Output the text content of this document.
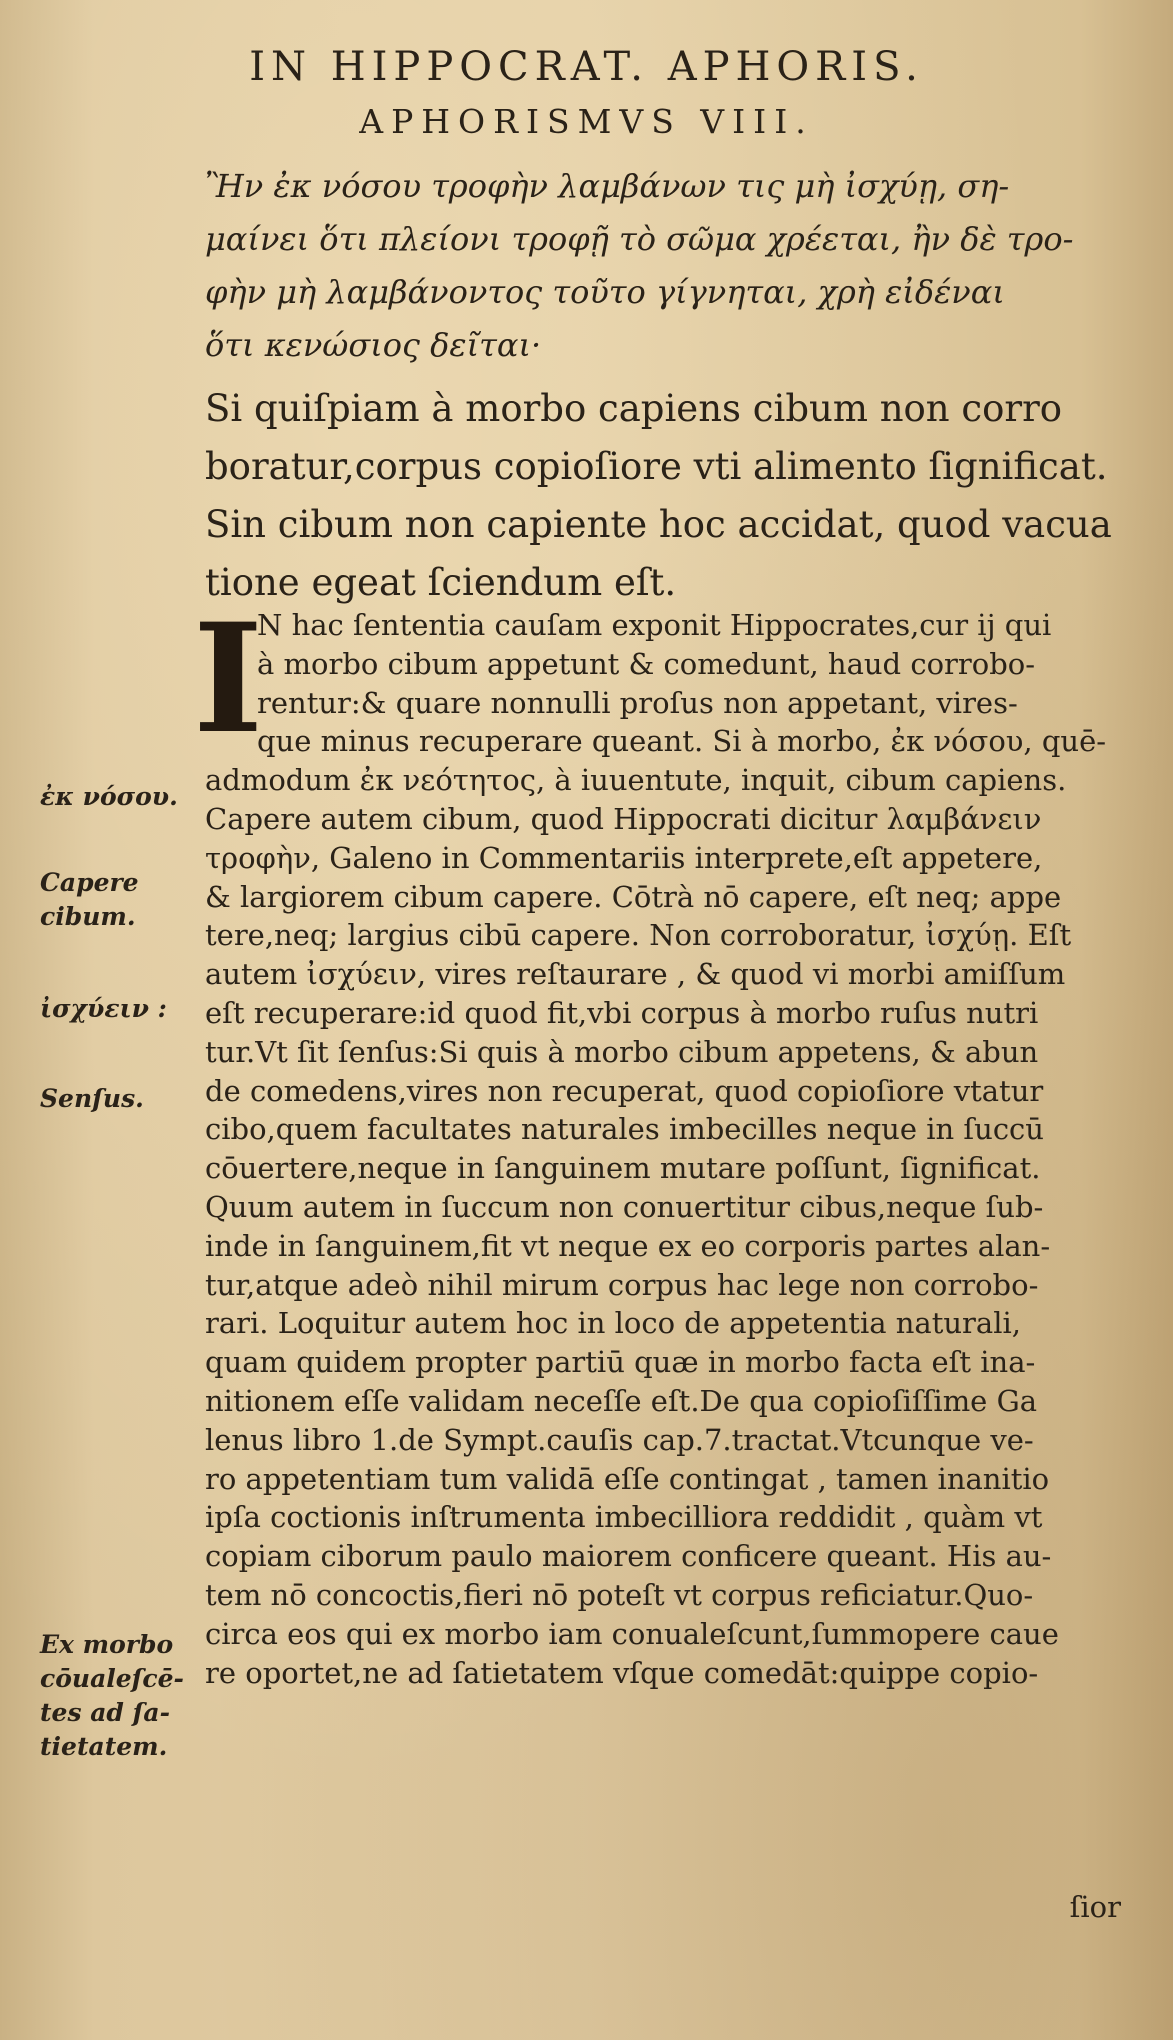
IN HIPPOCRAT. APHORIS.
APHORISMVS VIII.
Ἢν ἐκ νόσου τροφὴν λαμβάνων τις μὴ ἰσχύῃ, ση-
μαίνει ὅτι πλείονι τροφῇ τὸ σῶμα χρέεται, ἢν δὲ τρο-
φὴν μὴ λαμβάνοντος τοῦτο γίγνηται, χρὴ εἰδέναι
ὅτι κενώσιος δεῖται·
Si quiſpiam à morbo capiens cibum non corro
boratur,corpus copioſiore vti alimento ſignificat.
Sin cibum non capiente hoc accidat, quod vacua
tione egeat ſciendum eſt.
I
N hac ſententia cauſam exponit Hippocrates,cur ij qui
à morbo cibum appetunt & comedunt, haud corrobo-
rentur:& quare nonnulli proſus non appetant, vires-
que minus recuperare queant. Si à morbo, ἐκ νόσου, quē-
admodum ἐκ νεότητος, à iuuentute, inquit, cibum capiens.
Capere autem cibum, quod Hippocrati dicitur λαμβάνειν
τροφὴν, Galeno in Commentariis interprete,eſt appetere,
& largiorem cibum capere. Cōtrà nō capere, eſt neq; appe
tere,neq; largius cibū capere. Non corroboratur, ἰσχύῃ. Eſt
autem ἰσχύειν, vires reſtaurare , & quod vi morbi amiſſum
eſt recuperare:id quod fit,vbi corpus à morbo ruſus nutri
tur.Vt ſit ſenſus:Si quis à morbo cibum appetens, & abun
de comedens,vires non recuperat, quod copioſiore vtatur
cibo,quem facultates naturales imbecilles neque in ſuccū
cōuertere,neque in ſanguinem mutare poſſunt, ſignificat.
Quum autem in ſuccum non conuertitur cibus,neque ſub-
inde in ſanguinem,fit vt neque ex eo corporis partes alan-
tur,atque adeò nihil mirum corpus hac lege non corrobo-
rari. Loquitur autem hoc in loco de appetentia naturali,
quam quidem propter partiū quæ in morbo facta eſt ina-
nitionem eſſe validam neceſſe eſt.De qua copioſiſſime Ga
lenus libro 1.de Sympt.cauſis cap.7.tractat.Vtcunque ve-
ro appetentiam tum validā eſſe contingat , tamen inanitio
ipſa coctionis inſtrumenta imbecilliora reddidit , quàm vt
copiam ciborum paulo maiorem conficere queant. His au-
tem nō concoctis,fieri nō poteſt vt corpus reficiatur.Quo-
circa eos qui ex morbo iam conualeſcunt,ſummopere caue
re oportet,ne ad ſatietatem vſque comedāt:quippe copio-
ſior
ἐκ νόσου.
Capere cibum.
ἰσχύειν :
Senſus.
Ex morbo cōualeſcē- tes ad ſa- tietatem.
